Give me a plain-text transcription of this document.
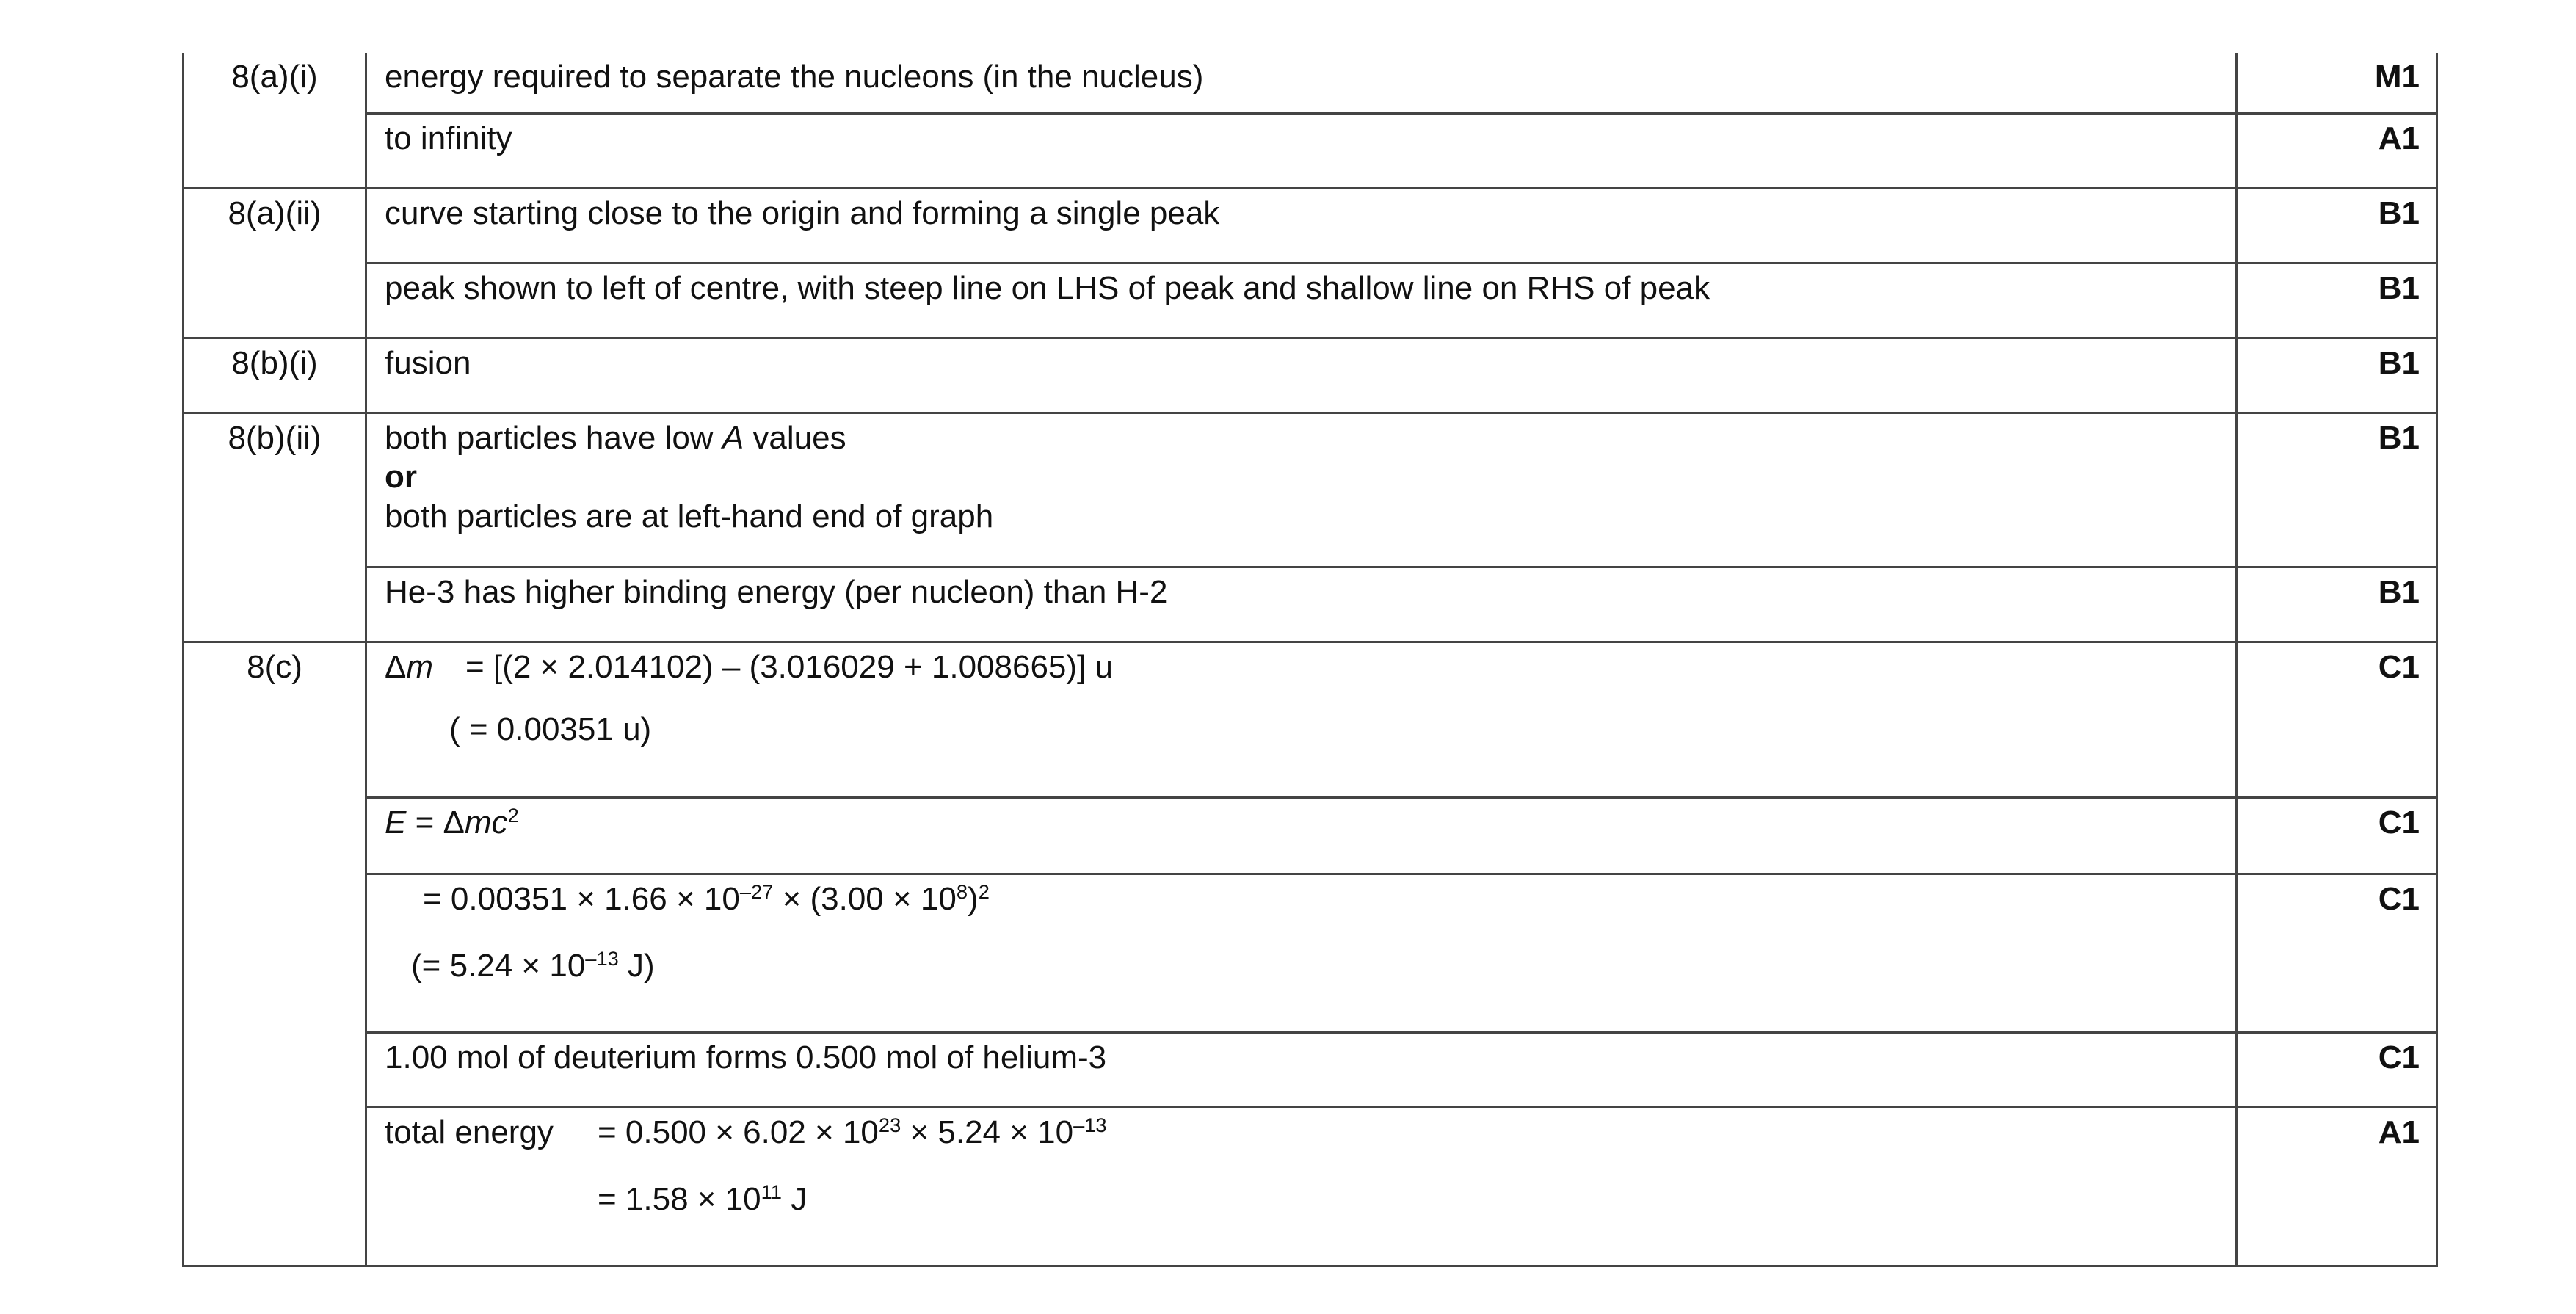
8(a)(i)	energy required to separate the nucleons (in the nucleus)	M1

	to infinity	A1

8(a)(ii)	curve starting close to the origin and forming a single peak	B1

	peak shown to left of centre, with steep line on LHS of peak and shallow line on RHS of peak	B1

8(b)(i)	fusion	B1

8(b)(ii)	both particles have low A values
or
both particles are at left-hand end of graph	B1

	He-3 has higher binding energy (per nucleon) than H-2	B1

8(c)	Δm = [(2 × 2.014102) – (3.016029 + 1.008665)] u
( = 0.00351 u)	C1

	E = Δmc$^2$	C1

	= $0.00351 \times 1.66 \times 10^{-27} \times (3.00 \times 10^8)^2$
(= $5.24 \times 10^{-13}$ J)	C1

	1.00 mol of deuterium forms 0.500 mol of helium-3	C1

	total energy = $0.500 \times 6.02 \times 10^{23} \times 5.24 \times 10^{-13}$
= $1.58 \times 10^{11}$ J	A1
